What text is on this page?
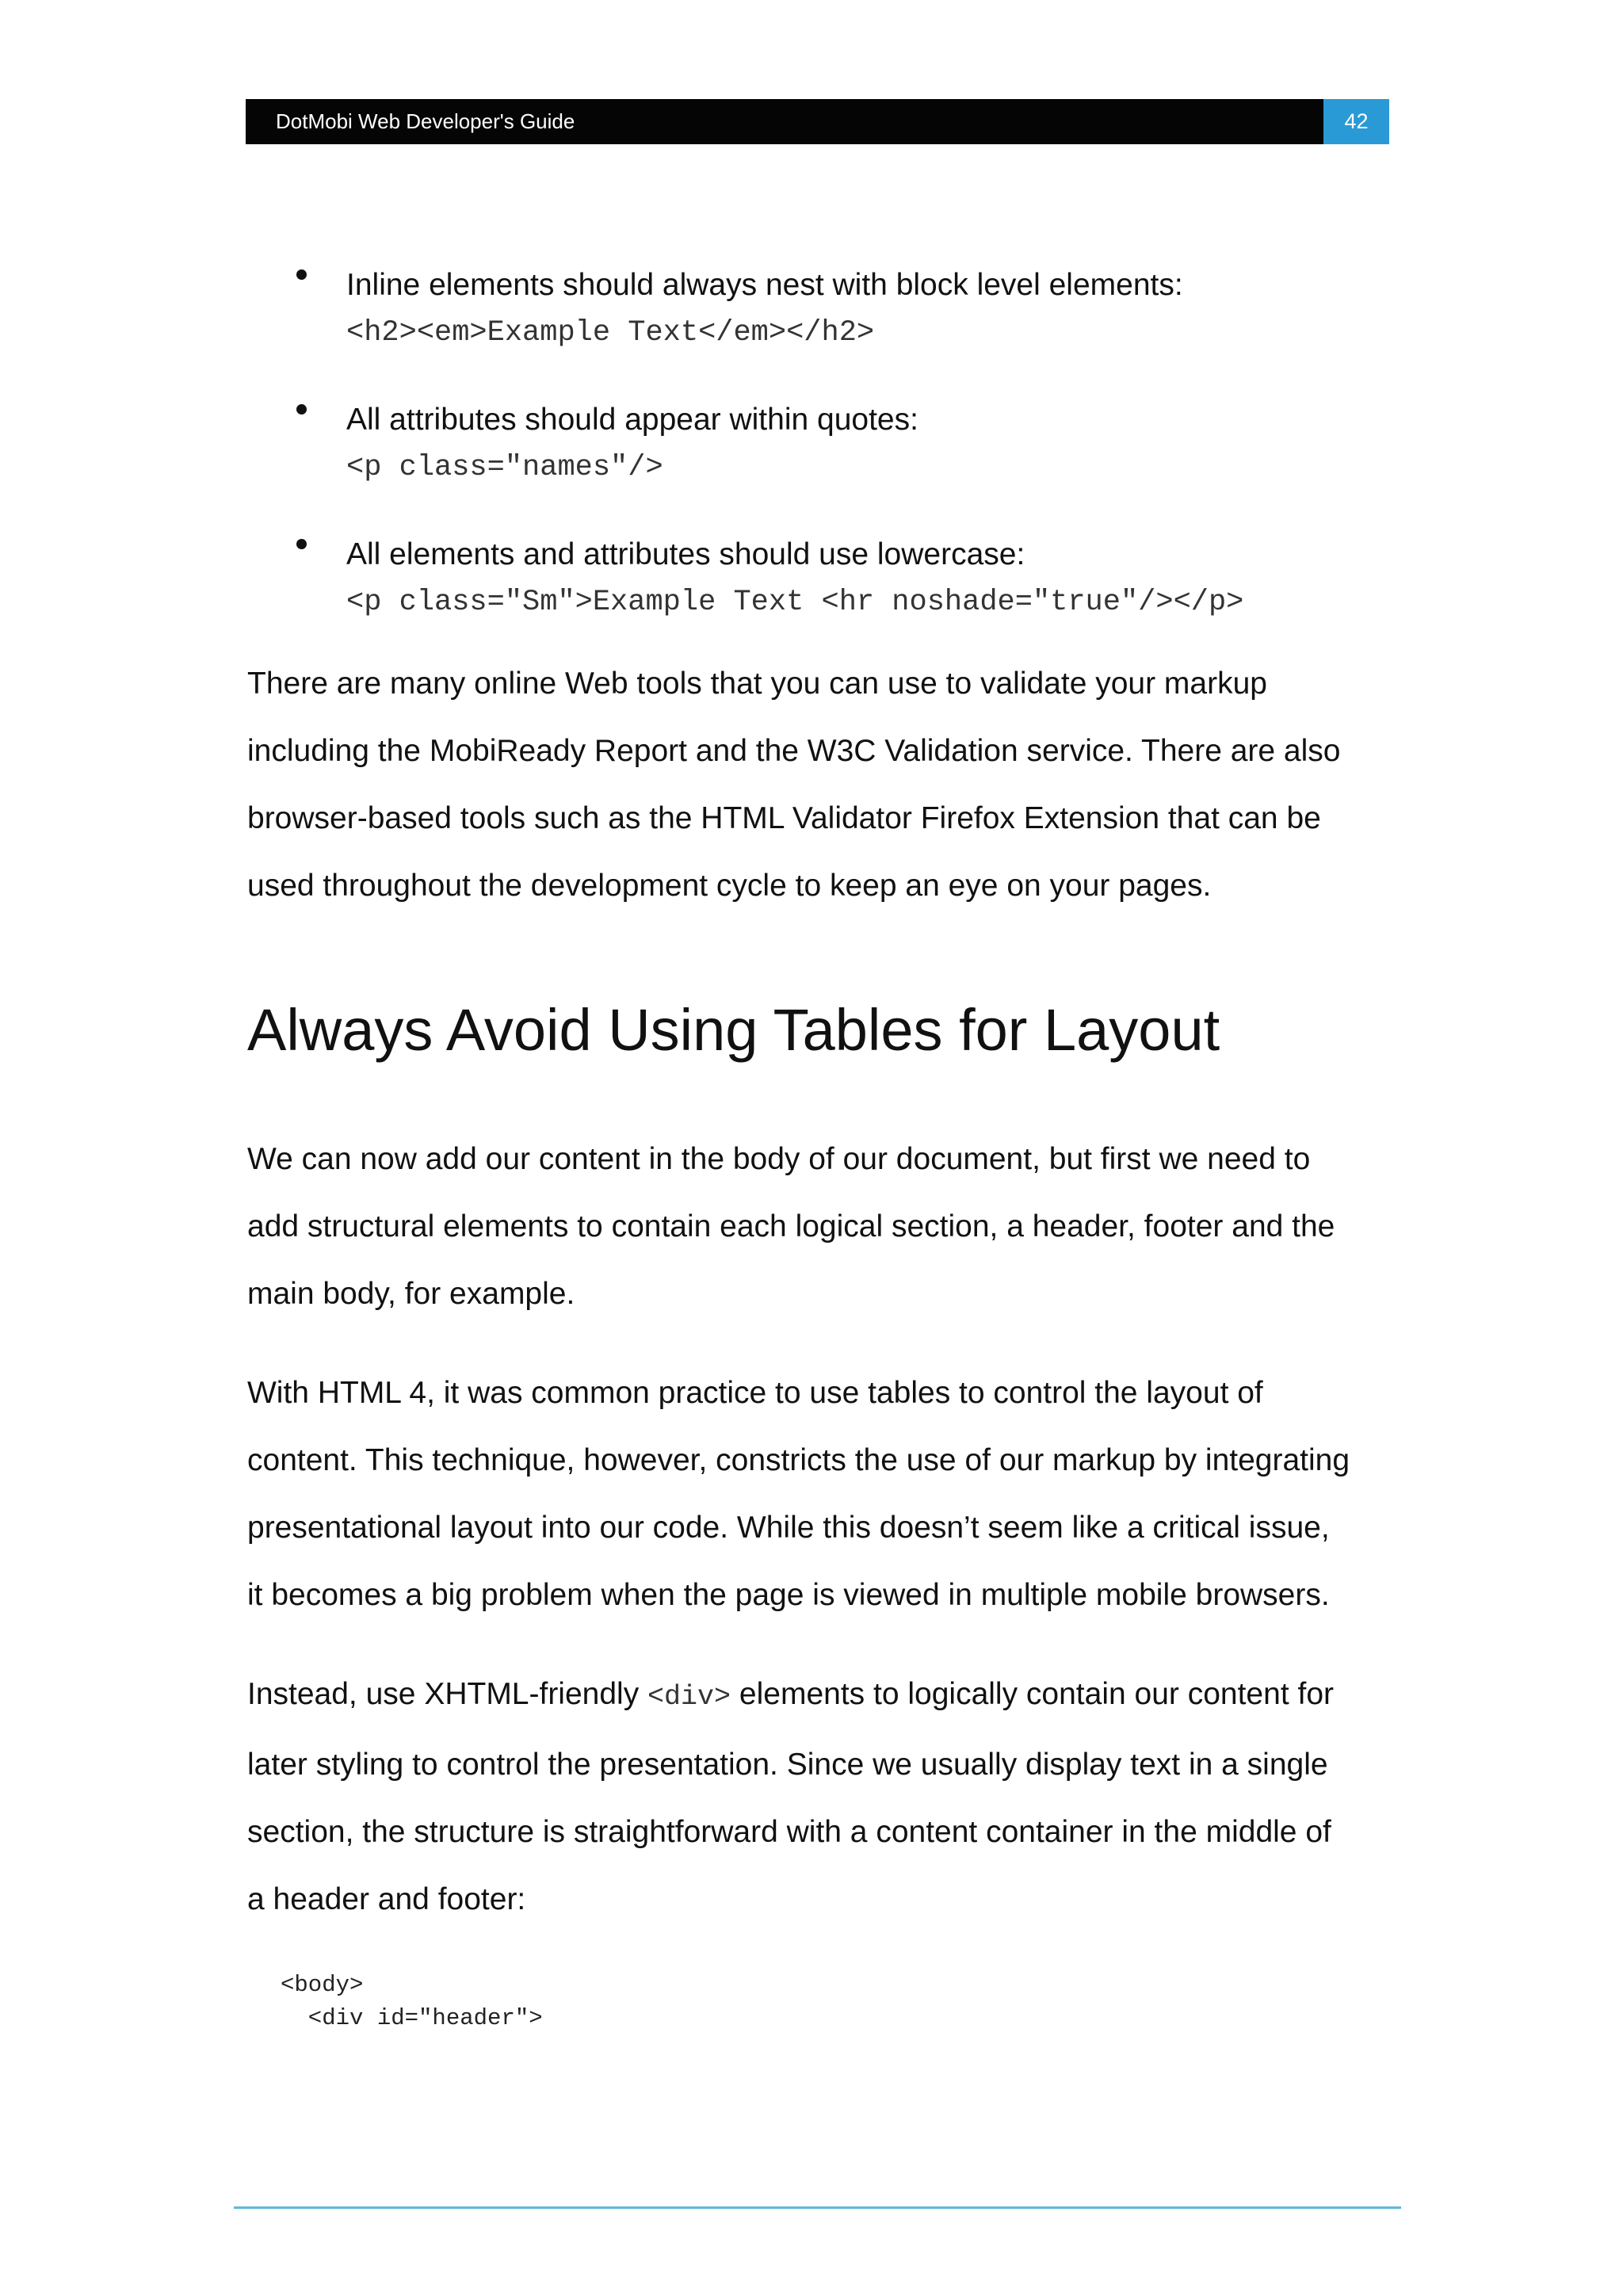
DotMobi Web Developer's Guide	42
Inline elements should always nest with block level elements:
<h2><em>Example Text</em></h2>
All attributes should appear within quotes:
<p class="names"/>
All elements and attributes should use lowercase:
<p class="Sm">Example Text <hr noshade="true"/></p>

There are many online Web tools that you can use to validate your markup

including the MobiReady Report and the W3C Validation service. There are also

browser-based tools such as the HTML Validator Firefox Extension that can be

used throughout the development cycle to keep an eye on your pages.

Always Avoid Using Tables for Layout

We can now add our content in the body of our document, but first we need to

add structural elements to contain each logical section, a header, footer and the

main body, for example.

With HTML 4, it was common practice to use tables to control the layout of

content. This technique, however, constricts the use of our markup by integrating

presentational layout into our code. While this doesn’t seem like a critical issue,

it becomes a big problem when the page is viewed in multiple mobile browsers.

Instead, use XHTML-friendly <div> elements to logically contain our content for

later styling to control the presentation. Since we usually display text in a single

section, the structure is straightforward with a content container in the middle of

a header and footer:

<body>
<div id="header">
